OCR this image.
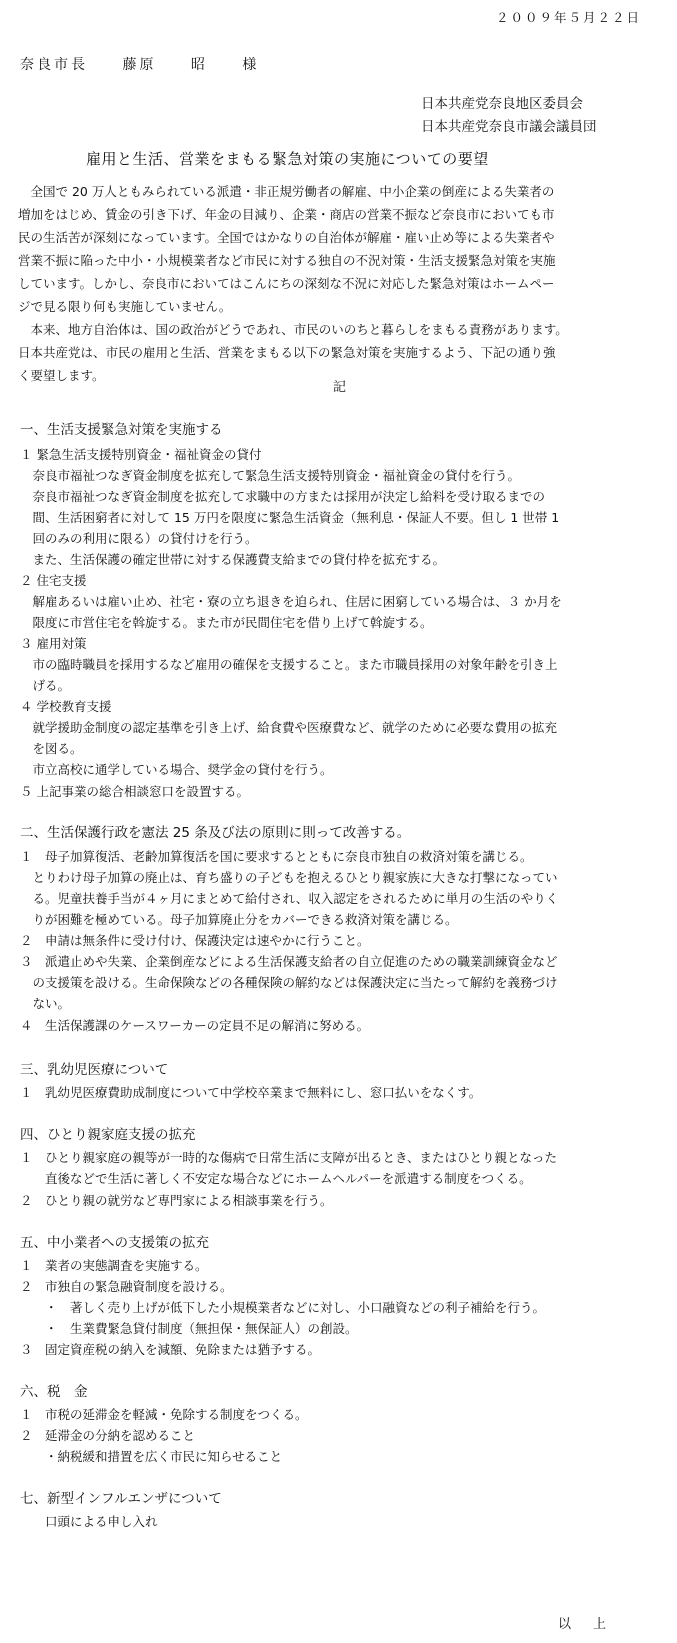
２００９年５月２２日
奈良市長　 藤原　 昭　 様
日本共産党奈良地区委員会
日本共産党奈良市議会議員団
雇用と生活、営業をまもる緊急対策の実施についての要望
　全国で 20 万人ともみられている派遣・非正規労働者の解雇、中小企業の倒産による失業者の
増加をはじめ、賃金の引き下げ、年金の目減り、企業・商店の営業不振など奈良市においても市
民の生活苦が深刻になっています。全国ではかなりの自治体が解雇・雇い止め等による失業者や
営業不振に陥った中小・小規模業者など市民に対する独自の不況対策・生活支援緊急対策を実施
しています。しかし、奈良市においてはこんにちの深刻な不況に対応した緊急対策はホームペー
ジで見る限り何も実施していません。
　本来、地方自治体は、国の政治がどうであれ、市民のいのちと暮らしをまもる責務があります。
日本共産党は、市民の雇用と生活、営業をまもる以下の緊急対策を実施するよう、下記の通り強
く要望します。
記
一、生活支援緊急対策を実施する
１ 緊急生活支援特別資金・福祉資金の貸付
　奈良市福祉つなぎ資金制度を拡充して緊急生活支援特別資金・福祉資金の貸付を行う。
　奈良市福祉つなぎ資金制度を拡充して求職中の方または採用が決定し給料を受け取るまでの
　間、生活困窮者に対して 15 万円を限度に緊急生活資金（無利息・保証人不要。但し 1 世帯 1
　回のみの利用に限る）の貸付けを行う。
　また、生活保護の確定世帯に対する保護費支給までの貸付枠を拡充する。
２ 住宅支援
　解雇あるいは雇い止め、社宅・寮の立ち退きを迫られ、住居に困窮している場合は、３ か月を
　限度に市営住宅を斡旋する。また市が民間住宅を借り上げて斡旋する。
３ 雇用対策
　市の臨時職員を採用するなど雇用の確保を支援すること。また市職員採用の対象年齢を引き上
　げる。
４ 学校教育支援
　就学援助金制度の認定基準を引き上げ、給食費や医療費など、就学のために必要な費用の拡充
　を図る。
　市立高校に通学している場合、奨学金の貸付を行う。
５ 上記事業の総合相談窓口を設置する。
二、生活保護行政を憲法 25 条及び法の原則に則って改善する。
１　母子加算復活、老齢加算復活を国に要求するとともに奈良市独自の救済対策を講じる。
　とりわけ母子加算の廃止は、育ち盛りの子どもを抱えるひとり親家族に大きな打撃になってい
　る。児童扶養手当が４ヶ月にまとめて給付され、収入認定をされるために単月の生活のやりく
　りが困難を極めている。母子加算廃止分をカバーできる救済対策を講じる。
２　申請は無条件に受け付け、保護決定は速やかに行うこと。
３　派遣止めや失業、企業倒産などによる生活保護支給者の自立促進のための職業訓練資金など
　の支援策を設ける。生命保険などの各種保険の解約などは保護決定に当たって解約を義務づけ
　ない。
４　生活保護課のケースワーカーの定員不足の解消に努める。
三、乳幼児医療について
１　乳幼児医療費助成制度について中学校卒業まで無料にし、窓口払いをなくす。
四、ひとり親家庭支援の拡充
１　ひとり親家庭の親等が一時的な傷病で日常生活に支障が出るとき、またはひとり親となった
　　直後などで生活に著しく不安定な場合などにホームヘルパーを派遣する制度をつくる。
２　ひとり親の就労など専門家による相談事業を行う。
五、中小業者への支援策の拡充
１　業者の実態調査を実施する。
２　市独自の緊急融資制度を設ける。
　　・　著しく売り上げが低下した小規模業者などに対し、小口融資などの利子補給を行う。
　　・　生業費緊急貸付制度（無担保・無保証人）の創設。
３　固定資産税の納入を減額、免除または猶予する。
六、税　金
１　市税の延滞金を軽減・免除する制度をつくる。
２　延滞金の分納を認めること
　　・納税緩和措置を広く市民に知らせること
七、新型インフルエンザについて
　　口頭による申し入れ
以上
